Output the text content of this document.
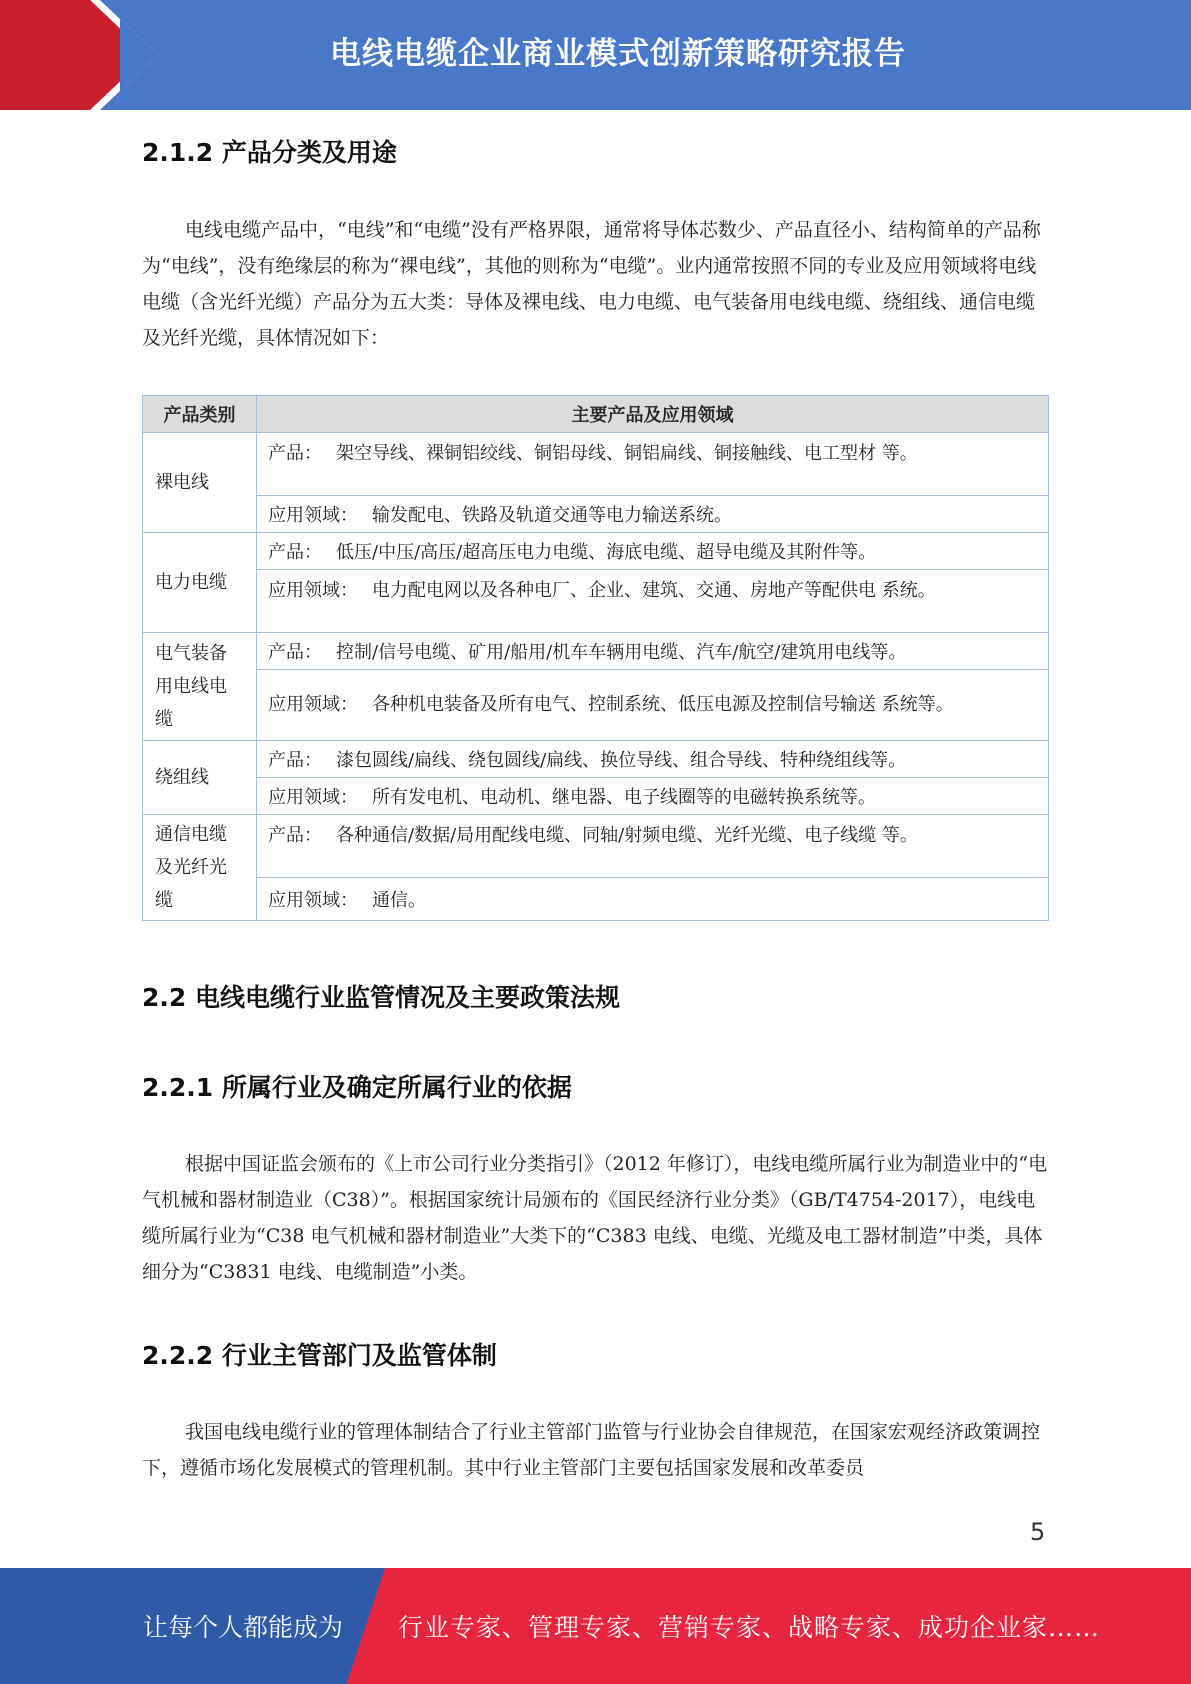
电线电缆企业商业模式创新策略研究报告
2.1.2 产品分类及用途

电线电缆产品中，“电线”和“电缆”没有严格界限，通常将导体芯数少、产品直径小、结构简单的产品称为“电线”，没有绝缘层的称为“裸电线”，其他的则称为“电缆”。业内通常按照不同的专业及应用领域将电线电缆（含光纤光缆）产品分为五大类：导体及裸电线、电力电缆、电气装备用电线电缆、绕组线、通信电缆及光纤光缆，具体情况如下：

产品类别	主要产品及应用领域
裸电线	产品： 架空导线、裸铜铝绞线、铜铝母线、铜铝扁线、铜接触线、电工型材 等。
	应用领域： 输发配电、铁路及轨道交通等电力输送系统。
电力电缆	产品： 低压/中压/高压/超高压电力电缆、海底电缆、超导电缆及其附件等。
	应用领域： 电力配电网以及各种电厂、企业、建筑、交通、房地产等配供电 系统。
电气装备用电线电缆	产品： 控制/信号电缆、矿用/船用/机车车辆用电缆、汽车/航空/建筑用电线等。
	应用领域： 各种机电装备及所有电气、控制系统、低压电源及控制信号输送 系统等。
绕组线	产品： 漆包圆线/扁线、绕包圆线/扁线、换位导线、组合导线、特种绕组线等。
	应用领域： 所有发电机、电动机、继电器、电子线圈等的电磁转换系统等。
通信电缆及光纤光缆	产品： 各种通信/数据/局用配线电缆、同轴/射频电缆、光纤光缆、电子线缆 等。
	应用领域： 通信。
2.2 电线电缆行业监管情况及主要政策法规
2.2.1 所属行业及确定所属行业的依据

根据中国证监会颁布的《上市公司行业分类指引》（2012 年修订），电线电缆所属行业为制造业中的“电气机械和器材制造业（C38）”。根据国家统计局颁布的《国民经济行业分类》（GB/T4754-2017），电线电缆所属行业为“C38 电气机械和器材制造业”大类下的“C383 电线、电缆、光缆及电工器材制造”中类，具体细分为“C3831 电线、电缆制造”小类。

2.2.2 行业主管部门及监管体制

我国电线电缆行业的管理体制结合了行业主管部门监管与行业协会自律规范，在国家宏观经济政策调控下，遵循市场化发展模式的管理机制。其中行业主管部门主要包括国家发展和改革委员

5
让每个人都能成为 行业专家、管理专家、营销专家、战略专家、成功企业家……
